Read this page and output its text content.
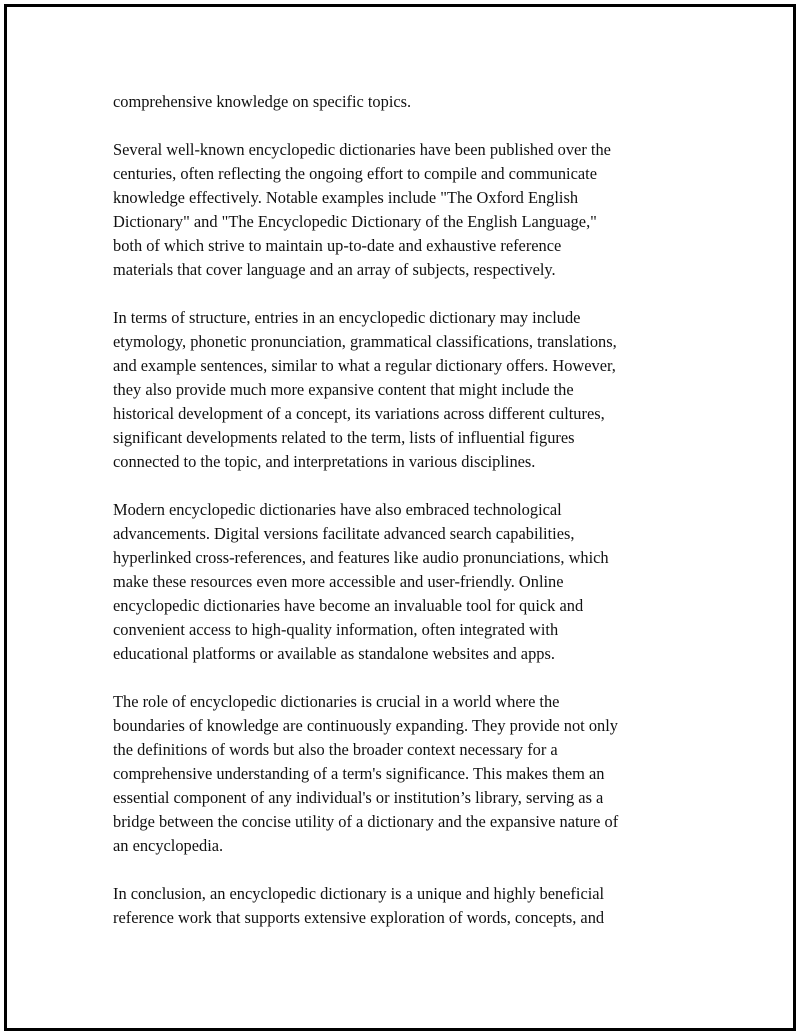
comprehensive knowledge on specific topics.

Several well-known encyclopedic dictionaries have been published over the
centuries, often reflecting the ongoing effort to compile and communicate
knowledge effectively. Notable examples include "The Oxford English
Dictionary" and "The Encyclopedic Dictionary of the English Language,"
both of which strive to maintain up-to-date and exhaustive reference
materials that cover language and an array of subjects, respectively.

In terms of structure, entries in an encyclopedic dictionary may include
etymology, phonetic pronunciation, grammatical classifications, translations,
and example sentences, similar to what a regular dictionary offers. However,
they also provide much more expansive content that might include the
historical development of a concept, its variations across different cultures,
significant developments related to the term, lists of influential figures
connected to the topic, and interpretations in various disciplines.

Modern encyclopedic dictionaries have also embraced technological
advancements. Digital versions facilitate advanced search capabilities,
hyperlinked cross-references, and features like audio pronunciations, which
make these resources even more accessible and user-friendly. Online
encyclopedic dictionaries have become an invaluable tool for quick and
convenient access to high-quality information, often integrated with
educational platforms or available as standalone websites and apps.

The role of encyclopedic dictionaries is crucial in a world where the
boundaries of knowledge are continuously expanding. They provide not only
the definitions of words but also the broader context necessary for a
comprehensive understanding of a term's significance. This makes them an
essential component of any individual's or institution’s library, serving as a
bridge between the concise utility of a dictionary and the expansive nature of
an encyclopedia.

In conclusion, an encyclopedic dictionary is a unique and highly beneficial
reference work that supports extensive exploration of words, concepts, and
